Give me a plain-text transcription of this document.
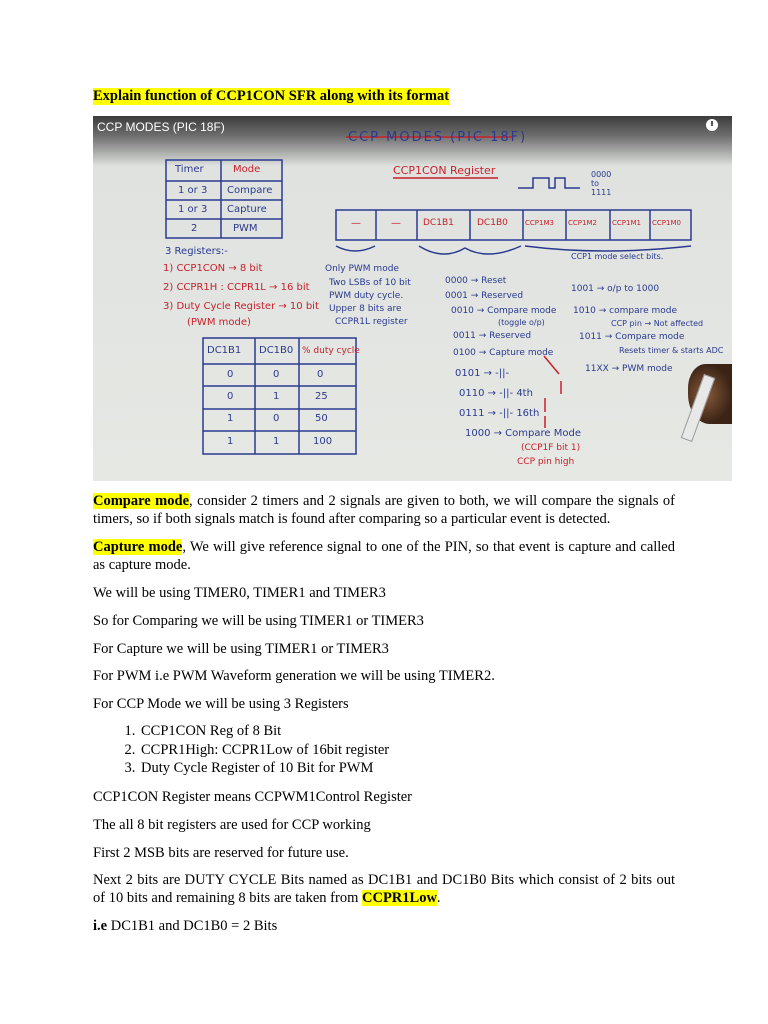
Explain function of CCP1CON SFR along with its format
CCP MODES (PIC 18F)
CCP MODES (PIC 18F)
CCP1CON Register	0000 to 1111
Timer	Mode
1 or 3 Compare
1 or 3 Capture
2	PWM
3 Registers:-
1) CCP1CON → 8 bit
2) CCPR1H : CCPR1L → 16 bit
3) Duty Cycle Register → 10 bit
(PWM mode)
—	— DC1B1	DC1B0 CCP1M3 CCP1M2 CCP1M1 CCP1M0
Only PWM mode
Two LSBs of 10 bit
PWM duty cycle.
Upper 8 bits are
CCPR1L register
CCP1 mode select bits.
0000 → Reset
0001 → Reserved
0010 → Compare mode
(toggle o/p)
0011 → Reserved
0100 → Capture mode
0101 → -||-
0110 → -||- 4th
0111 → -||- 16th
1000 → Compare Mode
(CCP1F bit 1)
CCP pin high
1001 → o/p to 1000
1010 → compare mode
CCP pin → Not affected
1011 → Compare mode
Resets timer & starts ADC
11XX → PWM mode
DC1B1 DC1B0 % duty cycle
0	0	0
0	1	25
1	0	50
1	1	100
Compare mode, consider 2 timers and 2 signals are given to both, we will compare the signals of timers, so if both signals match is found after comparing so a particular event is detected.
Capture mode, We will give reference signal to one of the PIN, so that event is capture and called as capture mode.
We will be using TIMER0, TIMER1 and TIMER3
So for Comparing we will be using TIMER1 or TIMER3
For Capture we will be using TIMER1 or TIMER3
For PWM i.e PWM Waveform generation we will be using TIMER2.
For CCP Mode we will be using 3 Registers
1. CCP1CON Reg of 8 Bit
2. CCPR1High: CCPR1Low of 16bit register
3. Duty Cycle Register of 10 Bit for PWM
CCP1CON Register means CCPWM1Control Register
The all 8 bit registers are used for CCP working
First 2 MSB bits are reserved for future use.
Next 2 bits are DUTY CYCLE Bits named as DC1B1 and DC1B0 Bits which consist of 2 bits out of 10 bits and remaining 8 bits are taken from CCPR1Low.
i.e DC1B1 and DC1B0 = 2 Bits
